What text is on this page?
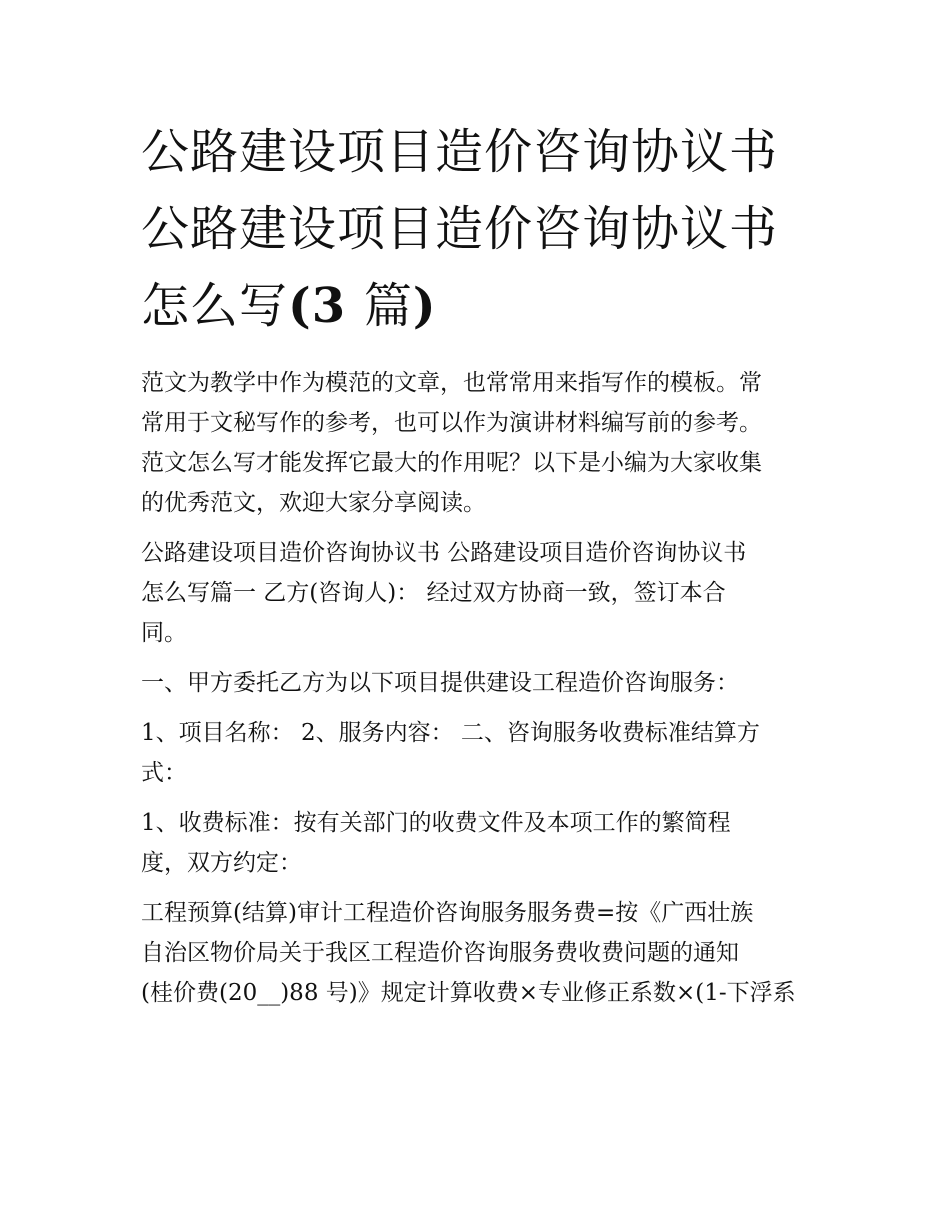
公路建设项目造价咨询协议书
公路建设项目造价咨询协议书
怎么写(3 篇)
范文为教学中作为模范的文章，也常常用来指写作的模板。常
常用于文秘写作的参考，也可以作为演讲材料编写前的参考。
范文怎么写才能发挥它最大的作用呢？以下是小编为大家收集
的优秀范文，欢迎大家分享阅读。
公路建设项目造价咨询协议书 公路建设项目造价咨询协议书
怎么写篇一 乙方(咨询人)： 经过双方协商一致，签订本合
同。
一、甲方委托乙方为以下项目提供建设工程造价咨询服务：
1、项目名称： 2、服务内容： 二、咨询服务收费标准结算方
式：
1、收费标准：按有关部门的收费文件及本项工作的繁简程
度，双方约定：
工程预算(结算)审计工程造价咨询服务服务费=按《广西壮族
自治区物价局关于我区工程造价咨询服务费收费问题的通知
(桂价费(20__)88 号)》规定计算收费×专业修正系数×(1-下浮系
